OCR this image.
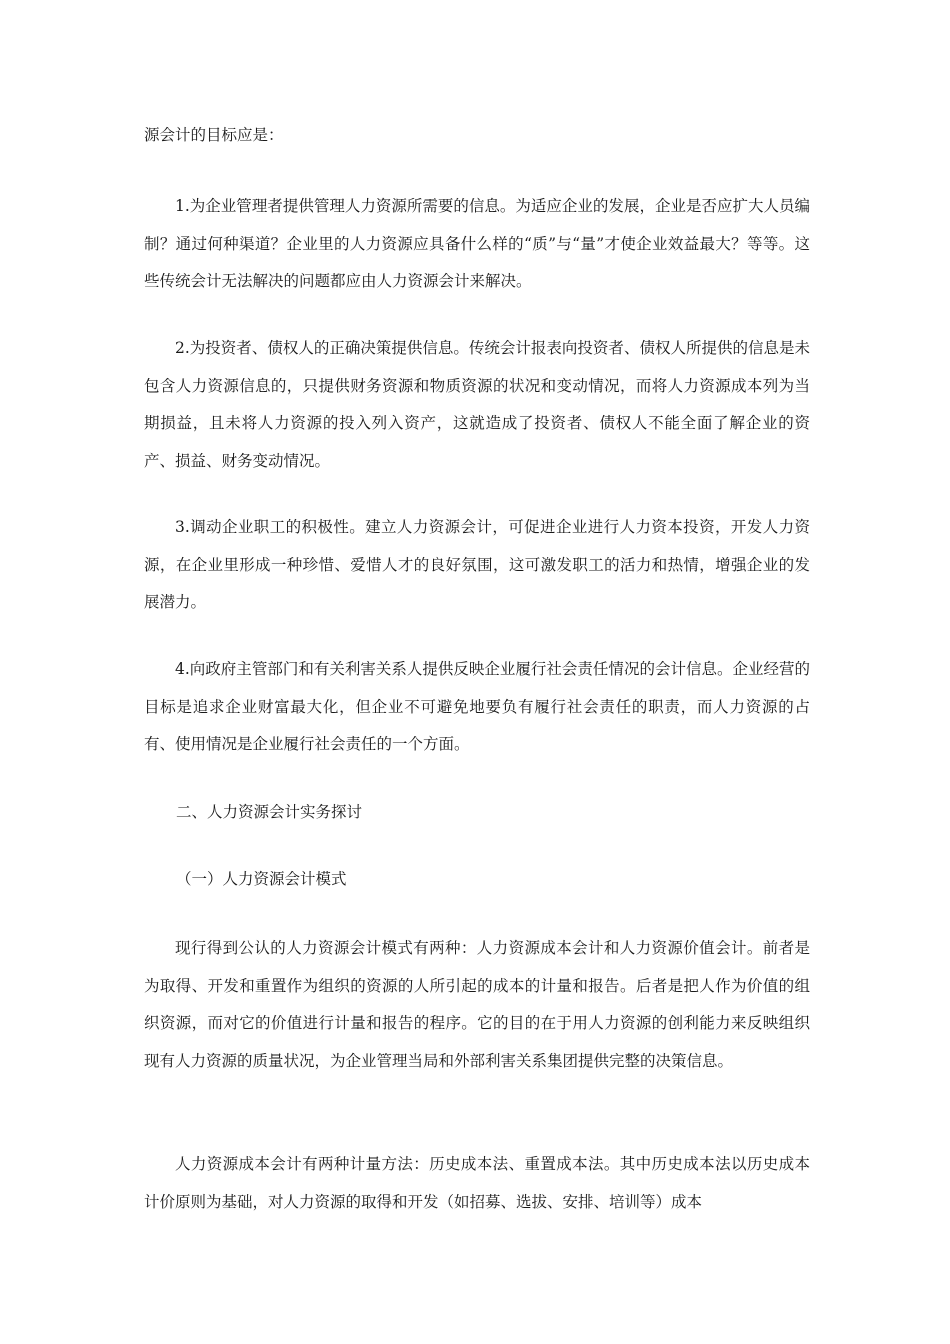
源会计的目标应是：

1.为企业管理者提供管理人力资源所需要的信息。为适应企业的发展，企业是否应扩大人员编制？通过何种渠道？企业里的人力资源应具备什么样的“质”与“量”才使企业效益最大？等等。这些传统会计无法解决的问题都应由人力资源会计来解决。

2.为投资者、债权人的正确决策提供信息。传统会计报表向投资者、债权人所提供的信息是未包含人力资源信息的，只提供财务资源和物质资源的状况和变动情况，而将人力资源成本列为当期损益，且未将人力资源的投入列入资产，这就造成了投资者、债权人不能全面了解企业的资产、损益、财务变动情况。

3.调动企业职工的积极性。建立人力资源会计，可促进企业进行人力资本投资，开发人力资源，在企业里形成一种珍惜、爱惜人才的良好氛围，这可激发职工的活力和热情，增强企业的发展潜力。

4.向政府主管部门和有关利害关系人提供反映企业履行社会责任情况的会计信息。企业经营的目标是追求企业财富最大化，但企业不可避免地要负有履行社会责任的职责，而人力资源的占有、使用情况是企业履行社会责任的一个方面。

二、人力资源会计实务探讨

（一）人力资源会计模式

现行得到公认的人力资源会计模式有两种：人力资源成本会计和人力资源价值会计。前者是为取得、开发和重置作为组织的资源的人所引起的成本的计量和报告。后者是把人作为价值的组织资源，而对它的价值进行计量和报告的程序。它的目的在于用人力资源的创利能力来反映组织现有人力资源的质量状况，为企业管理当局和外部利害关系集团提供完整的决策信息。

人力资源成本会计有两种计量方法：历史成本法、重置成本法。其中历史成本法以历史成本计价原则为基础，对人力资源的取得和开发（如招募、选拔、安排、培训等）成本
